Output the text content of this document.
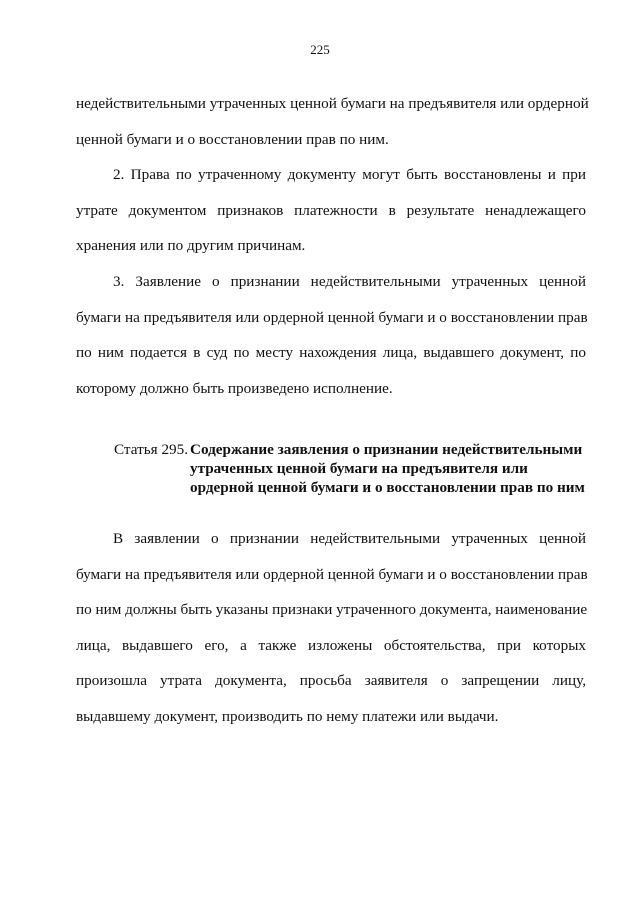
225

недействительными утраченных ценной бумаги на предъявителя или ордерной
ценной бумаги и о восстановлении прав по ним.

2. Права по утраченному документу могут быть восстановлены и при
утрате документом признаков платежности в результате ненадлежащего
хранения или по другим причинам.

3. Заявление о признании недействительными утраченных ценной
бумаги на предъявителя или ордерной ценной бумаги и о восстановлении прав
по ним подается в суд по месту нахождения лица, выдавшего документ, по
которому должно быть произведено исполнение.

Статья 295. Содержание заявления о признании недействительными
утраченных ценной бумаги на предъявителя или
ордерной ценной бумаги и о восстановлении прав по ним

В заявлении о признании недействительными утраченных ценной
бумаги на предъявителя или ордерной ценной бумаги и о восстановлении прав
по ним должны быть указаны признаки утраченного документа, наименование
лица, выдавшего его, а также изложены обстоятельства, при которых
произошла утрата документа, просьба заявителя о запрещении лицу,
выдавшему документ, производить по нему платежи или выдачи.
